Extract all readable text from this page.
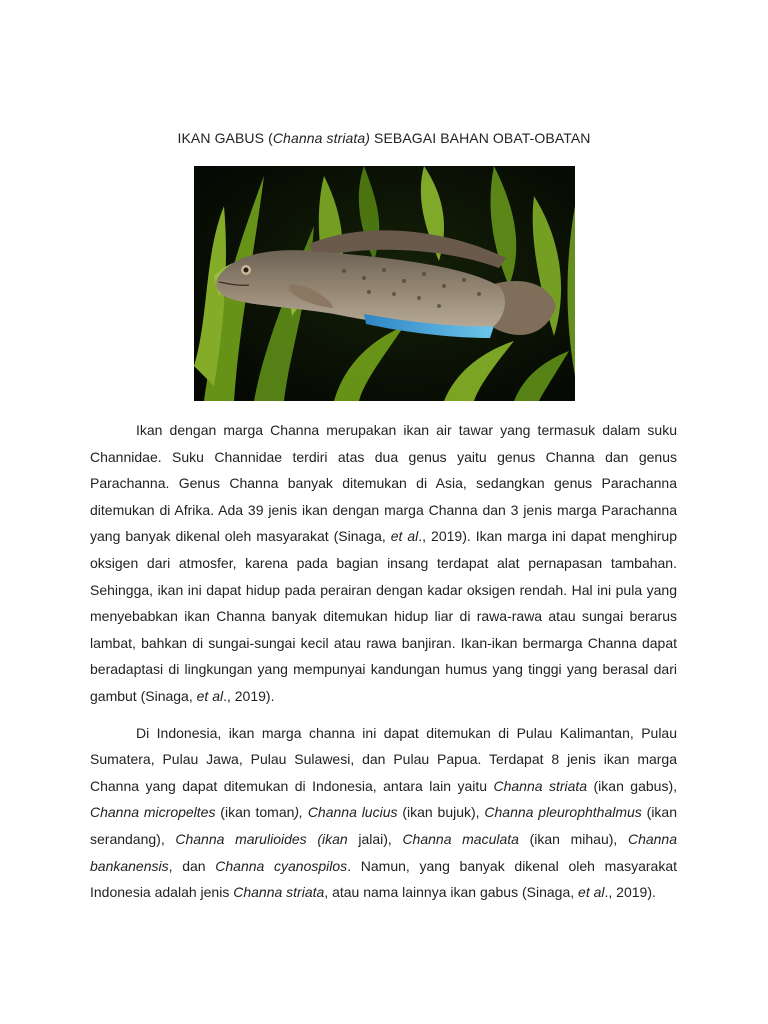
IKAN GABUS (Channa striata) SEBAGAI BAHAN OBAT-OBATAN

Ikan dengan marga Channa merupakan ikan air tawar yang termasuk dalam suku Channidae. Suku Channidae terdiri atas dua genus yaitu genus Channa dan genus Parachanna. Genus Channa banyak ditemukan di Asia, sedangkan genus Parachanna ditemukan di Afrika. Ada 39 jenis ikan dengan marga Channa dan 3 jenis marga Parachanna yang banyak dikenal oleh masyarakat (Sinaga, et al., 2019). Ikan marga ini dapat menghirup oksigen dari atmosfer, karena pada bagian insang terdapat alat pernapasan tambahan. Sehingga, ikan ini dapat hidup pada perairan dengan kadar oksigen rendah. Hal ini pula yang menyebabkan ikan Channa banyak ditemukan hidup liar di rawa-rawa atau sungai berarus lambat, bahkan di sungai-sungai kecil atau rawa banjiran. Ikan-ikan bermarga Channa dapat beradaptasi di lingkungan yang mempunyai kandungan humus yang tinggi yang berasal dari gambut (Sinaga, et al., 2019).

Di Indonesia, ikan marga channa ini dapat ditemukan di Pulau Kalimantan, Pulau Sumatera, Pulau Jawa, Pulau Sulawesi, dan Pulau Papua. Terdapat 8 jenis ikan marga Channa yang dapat ditemukan di Indonesia, antara lain yaitu Channa striata (ikan gabus), Channa micropeltes (ikan toman), Channa lucius (ikan bujuk), Channa pleurophthalmus (ikan serandang), Channa marulioides (ikan jalai), Channa maculata (ikan mihau), Channa bankanensis, dan Channa cyanospilos. Namun, yang banyak dikenal oleh masyarakat Indonesia adalah jenis Channa striata, atau nama lainnya ikan gabus (Sinaga, et al., 2019).
